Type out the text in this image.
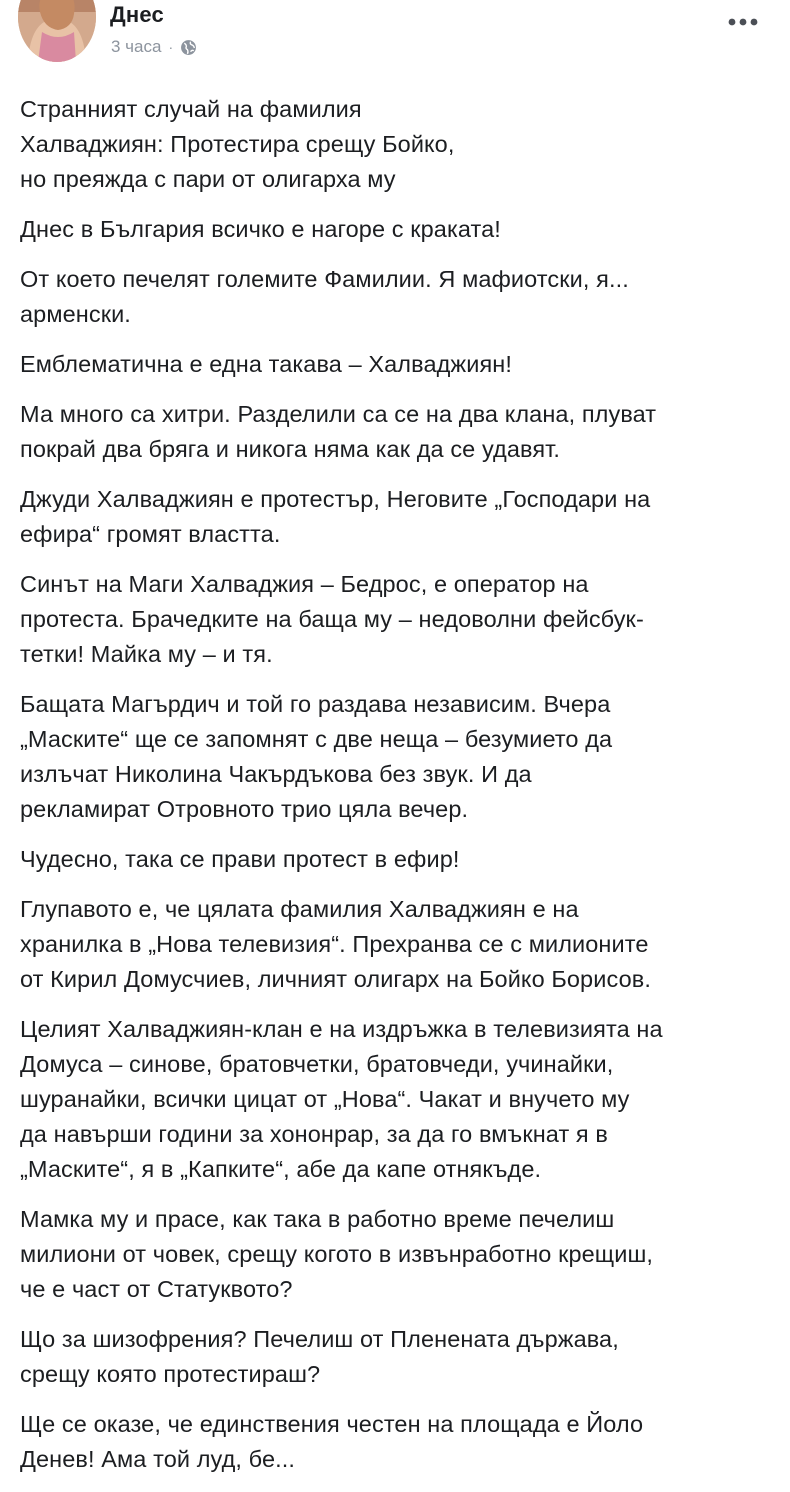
Днес
3 часа ·

Странният случай на фамилия
Халваджиян: Протестира срещу Бойко,
но преяжда с пари от олигарха му

Днес в България всичко е нагоре с краката!

От което печелят големите Фамилии. Я мафиотски, я...
арменски.

Емблематична е една такава – Халваджиян!

Ма много са хитри. Разделили са се на два клана, плуват
покрай два бряга и никога няма как да се удавят.

Джуди Халваджиян е протестър, Неговите „Господари на
ефира“ громят властта.

Синът на Маги Халваджия – Бедрос, е оператор на
протеста. Брачедките на баща му – недоволни фейсбук-
тетки! Майка му – и тя.

Бащата Магърдич и той го раздава независим. Вчера
„Маските“ ще се запомнят с две неща – безумието да
излъчат Николина Чакърдъкова без звук. И да
рекламират Отровното трио цяла вечер.

Чудесно, така се прави протест в ефир!

Глупавото е, че цялата фамилия Халваджиян е на
хранилка в „Нова телевизия“. Прехранва се с милионите
от Кирил Домусчиев, личният олигарх на Бойко Борисов.

Целият Халваджиян-клан е на издръжка в телевизията на
Домуса – синове, братовчетки, братовчеди, учинайки,
шуранайки, всички цицат от „Нова“. Чакат и внучето му
да навърши години за хононрар, за да го вмъкнат я в
„Маските“, я в „Капките“, абе да капе отнякъде.

Мамка му и прасе, как така в работно време печелиш
милиони от човек, срещу когото в извънработно крещиш,
че е част от Статуквото?

Що за шизофрения? Печелиш от Пленената държава,
срещу която протестираш?

Ще се оказе, че единствения честен на площада е Йоло
Денев! Ама той луд, бе...
